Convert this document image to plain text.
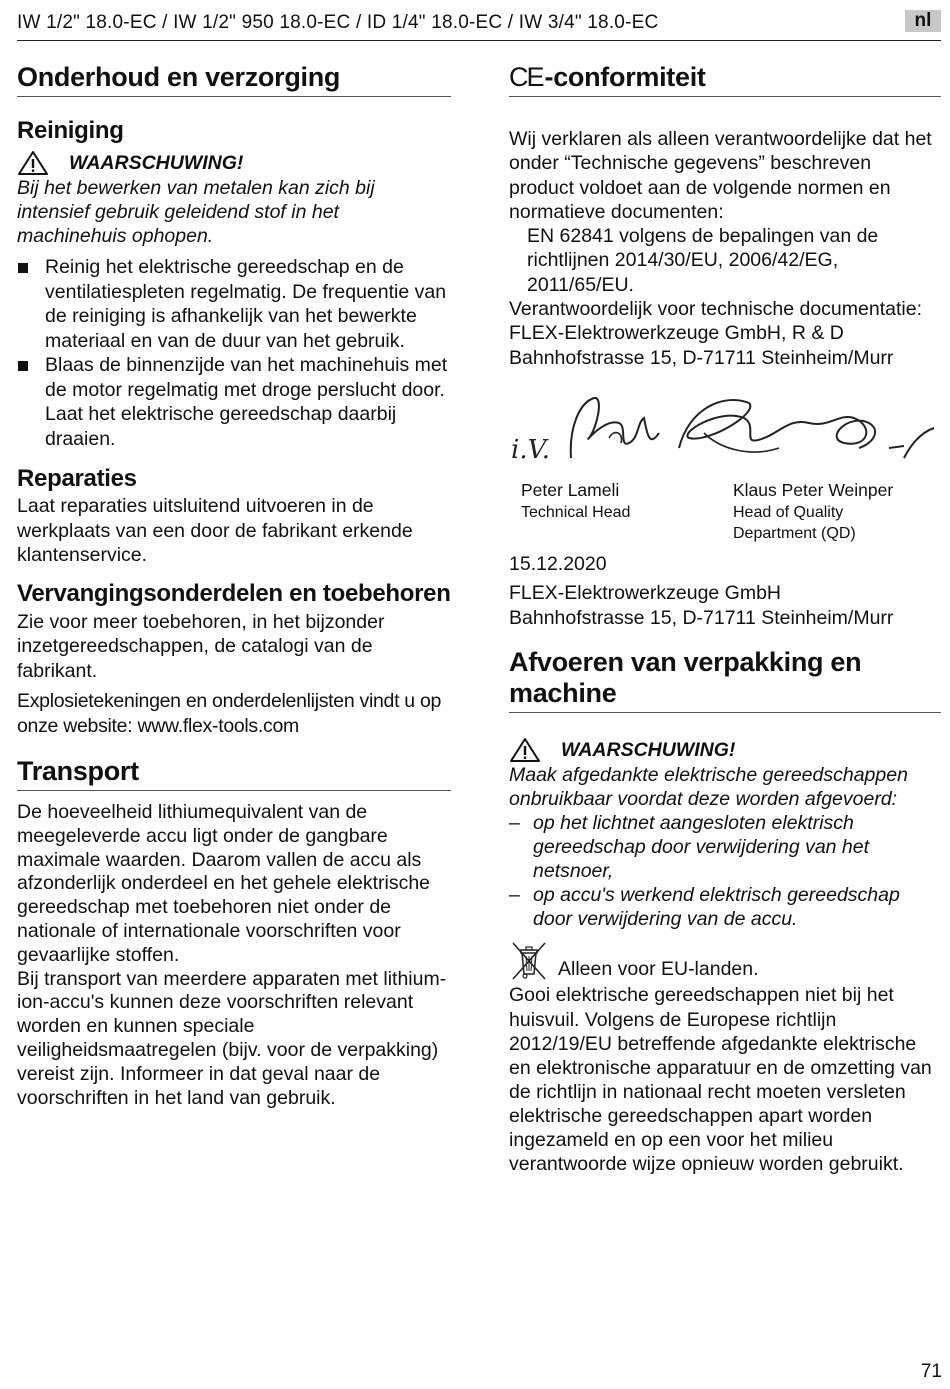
IW 1/2" 18.0-EC / IW 1/2" 950 18.0-EC / ID 1/4" 18.0-EC / IW 3/4" 18.0-EC	nl
Onderhoud en verzorging
Reiniging
WAARSCHUWING!
Bij het bewerken van metalen kan zich bij intensief gebruik geleidend stof in het machinehuis ophopen.
Reinig het elektrische gereedschap en de ventilatiespleten regelmatig. De frequentie van de reiniging is afhankelijk van het bewerkte materiaal en van de duur van het gebruik.
Blaas de binnenzijde van het machinehuis met de motor regelmatig met droge perslucht door. Laat het elektrische gereedschap daarbij draaien.
Reparaties

Laat reparaties uitsluitend uitvoeren in de werkplaats van een door de fabrikant erkende klantenservice.

Vervangingsonderdelen en toebehoren

Zie voor meer toebehoren, in het bijzonder inzetgereedschappen, de catalogi van de fabrikant.

Explosietekeningen en onderdelenlijsten vindt u op onze website: www.flex-tools.com

Transport

De hoeveelheid lithiumequivalent van de meegeleverde accu ligt onder de gangbare maximale waarden. Daarom vallen de accu als afzonderlijk onderdeel en het gehele elektrische gereedschap met toebehoren niet onder de nationale of internationale voorschriften voor gevaarlijke stoffen.

Bij transport van meerdere apparaten met lithium-ion-accu's kunnen deze voorschriften relevant worden en kunnen speciale veiligheidsmaatregelen (bijv. voor de verpakking) vereist zijn. Informeer in dat geval naar de voorschriften in het land van gebruik.

CE-conformiteit

Wij verklaren als alleen verantwoordelijke dat het onder “Technische gegevens” beschreven product voldoet aan de volgende normen en normatieve documenten:

EN 62841 volgens de bepalingen van de richtlijnen 2014/30/EU, 2006/42/EG, 2011/65/EU.

Verantwoordelijk voor technische documentatie:

FLEX-Elektrowerkzeuge GmbH, R & D

Bahnhofstrasse 15, D-71711 Steinheim/Murr

i.V.
Peter Lameli
Technical Head
Klaus Peter Weinper
Head of Quality
Department (QD)

15.12.2020

FLEX-Elektrowerkzeuge GmbH

Bahnhofstrasse 15, D-71711 Steinheim/Murr

Afvoeren van verpakking en machine
WAARSCHUWING!
Maak afgedankte elektrische gereedschappen onbruikbaar voordat deze worden afgevoerd:
– op het lichtnet aangesloten elektrisch gereedschap door verwijdering van het netsnoer,
– op accu's werkend elektrisch gereedschap door verwijdering van de accu.
Alleen voor EU-landen.

Gooi elektrische gereedschappen niet bij het huisvuil. Volgens de Europese richtlijn 2012/19/EU betreffende afgedankte elektrische en elektronische apparatuur en de omzetting van de richtlijn in nationaal recht moeten versleten elektrische gereedschappen apart worden ingezameld en op een voor het milieu verantwoorde wijze opnieuw worden gebruikt.

71
